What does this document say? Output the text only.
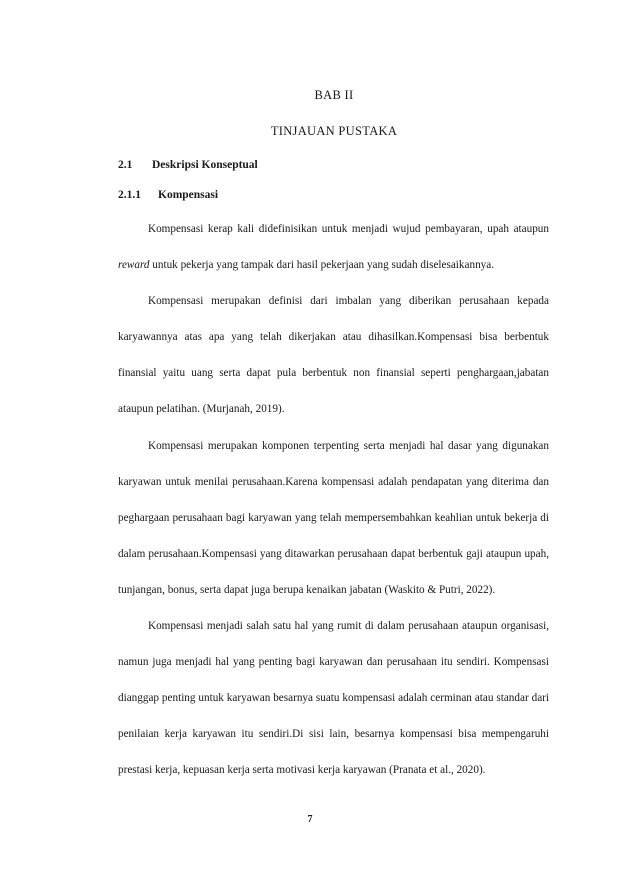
BAB II
TINJAUAN PUSTAKA
2.1 Deskripsi Konseptual
2.1.1 Kompensasi

Kompensasi kerap kali didefinisikan untuk menjadi wujud pembayaran, upah ataupun reward untuk pekerja yang tampak dari hasil pekerjaan yang sudah diselesaikannya.

Kompensasi merupakan definisi dari imbalan yang diberikan perusahaan kepada karyawannya atas apa yang telah dikerjakan atau dihasilkan.Kompensasi bisa berbentuk finansial yaitu uang serta dapat pula berbentuk non finansial seperti penghargaan,jabatan ataupun pelatihan. (Murjanah, 2019).

Kompensasi merupakan komponen terpenting serta menjadi hal dasar yang digunakan karyawan untuk menilai perusahaan.Karena kompensasi adalah pendapatan yang diterima dan peghargaan perusahaan bagi karyawan yang telah mempersembahkan keahlian untuk bekerja di dalam perusahaan.Kompensasi yang ditawarkan perusahaan dapat berbentuk gaji ataupun upah, tunjangan, bonus, serta dapat juga berupa kenaikan jabatan (Waskito & Putri, 2022).

Kompensasi menjadi salah satu hal yang rumit di dalam perusahaan ataupun organisasi, namun juga menjadi hal yang penting bagi karyawan dan perusahaan itu sendiri. Kompensasi dianggap penting untuk karyawan besarnya suatu kompensasi adalah cerminan atau standar dari penilaian kerja karyawan itu sendiri.Di sisi lain, besarnya kompensasi bisa mempengaruhi prestasi kerja, kepuasan kerja serta motivasi kerja karyawan (Pranata et al., 2020).

7
